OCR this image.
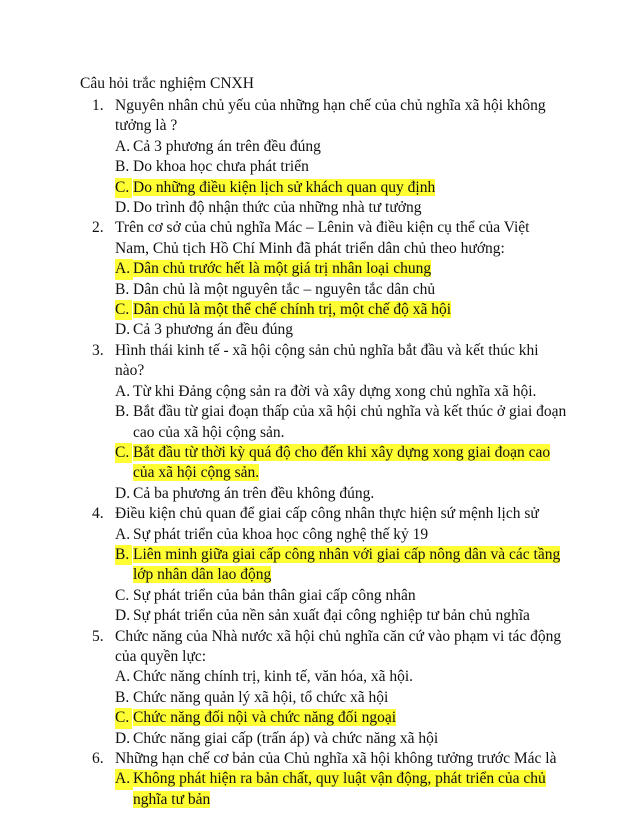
Câu hỏi trắc nghiệm CNXH
1. Nguyên nhân chủ yếu của những hạn chế của chủ nghĩa xã hội không tưởng là ?
A. Cả 3 phương án trên đều đúng
B. Do khoa học chưa phát triển
C. Do những điều kiện lịch sử khách quan quy định
D. Do trình độ nhận thức của những nhà tư tưởng
2. Trên cơ sở của chủ nghĩa Mác – Lênin và điều kiện cụ thể của Việt Nam, Chủ tịch Hồ Chí Minh đã phát triển dân chủ theo hướng:
A. Dân chủ trước hết là một giá trị nhân loại chung
B. Dân chủ là một nguyên tắc – nguyên tắc dân chủ
C. Dân chủ là một thể chế chính trị, một chế độ xã hội
D. Cả 3 phương án đều đúng
3. Hình thái kinh tế - xã hội cộng sản chủ nghĩa bắt đầu và kết thúc khi nào?
A. Từ khi Đảng cộng sản ra đời và xây dựng xong chủ nghĩa xã hội.
B. Bắt đầu từ giai đoạn thấp của xã hội chủ nghĩa và kết thúc ở giai đoạn cao của xã hội cộng sản.
C. Bắt đầu từ thời kỳ quá độ cho đến khi xây dựng xong giai đoạn cao của xã hội cộng sản.
D. Cả ba phương án trên đều không đúng.
4. Điều kiện chủ quan để giai cấp công nhân thực hiện sứ mệnh lịch sử
A. Sự phát triển của khoa học công nghệ thế kỷ 19
B. Liên minh giữa giai cấp công nhân với giai cấp nông dân và các tầng lớp nhân dân lao động
C. Sự phát triển của bản thân giai cấp công nhân
D. Sự phát triển của nền sản xuất đại công nghiệp tư bản chủ nghĩa
5. Chức năng của Nhà nước xã hội chủ nghĩa căn cứ vào phạm vi tác động của quyền lực:
A. Chức năng chính trị, kinh tế, văn hóa, xã hội.
B. Chức năng quản lý xã hội, tổ chức xã hội
C. Chức năng đối nội và chức năng đối ngoại
D. Chức năng giai cấp (trấn áp) và chức năng xã hội
6. Những hạn chế cơ bản của Chủ nghĩa xã hội không tưởng trước Mác là
A. Không phát hiện ra bản chất, quy luật vận động, phát triển của chủ nghĩa tư bản
